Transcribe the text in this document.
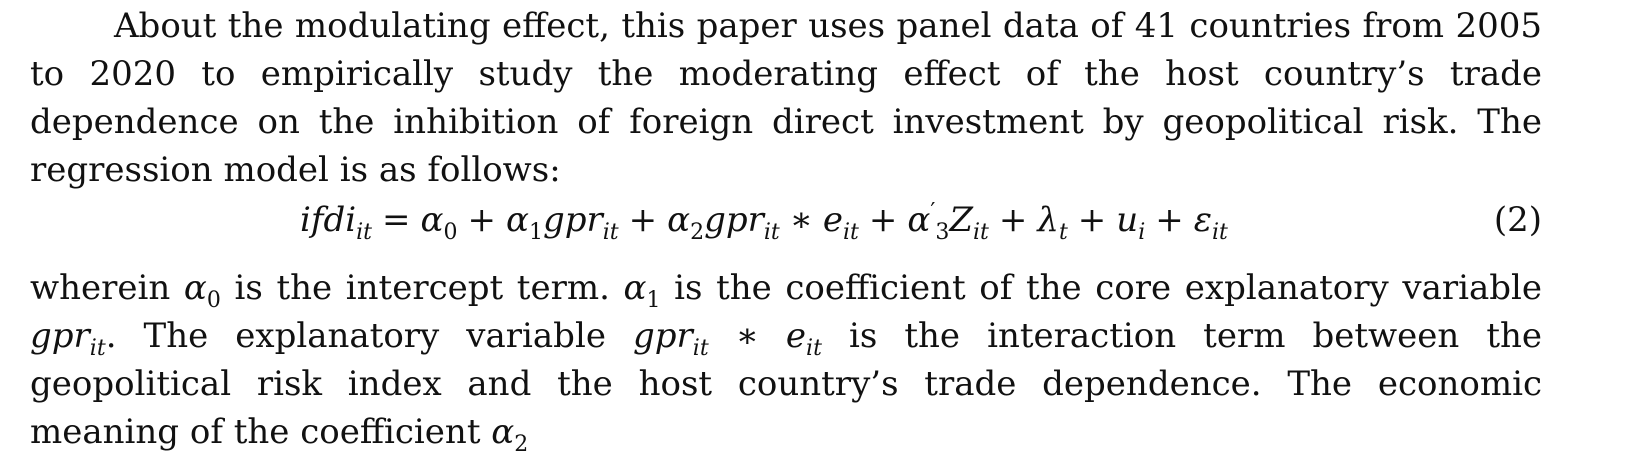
About the modulating effect, this paper uses panel data of 41 countries from 2005 to 2020 to empirically study the moderating effect of the host country’s trade dependence on the inhibition of foreign direct investment by geopolitical risk. The regression model is as follows:

ifdi$_{it}$ = $\alpha_0 + \alpha_1gpr_{it} + \alpha_2gpr_{it}$ ∗ $e_{it} + \alpha'_3Z_{it} + \lambda_t + u_i + \varepsilon_{it}$	(2)

wherein $\alpha_0$ is the intercept term. $\alpha_1$ is the coefficient of the core explanatory variable gpr$_{it}$. The explanatory variable gpr$_{it}$ ∗ $e_{it}$ is the interaction term between the geopolitical risk index and the host country’s trade dependence. The economic meaning of the coefficient $\alpha_2$
